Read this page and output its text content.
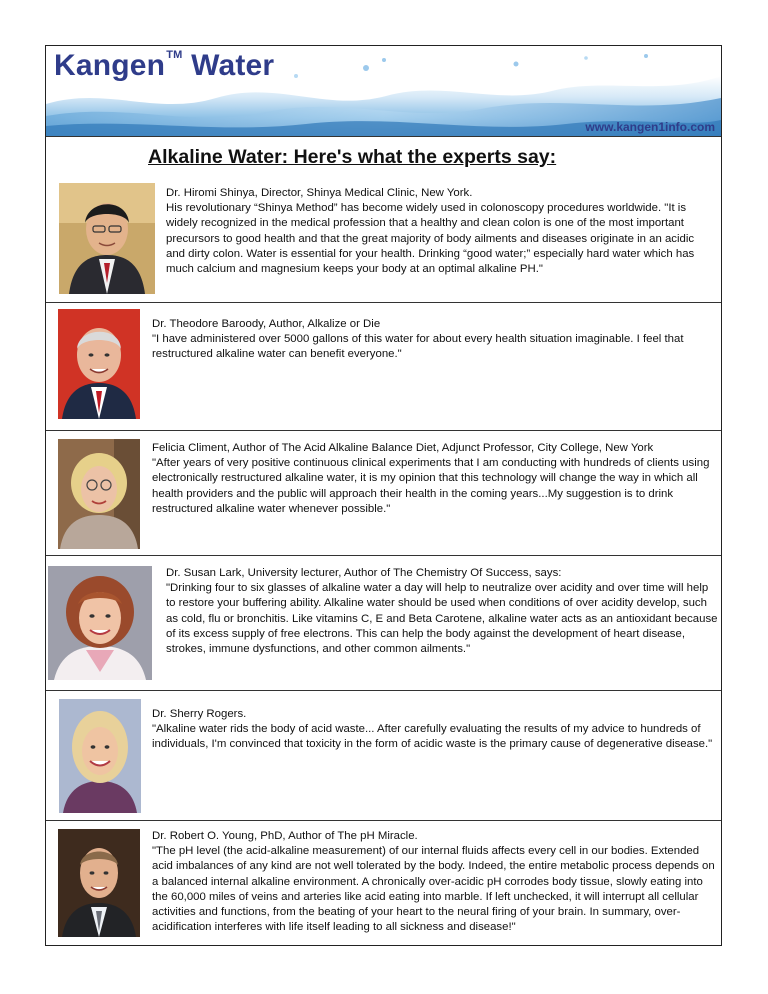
Kangen™ Water
www.kangen1info.com
Alkaline Water: Here's what the experts say:

Dr. Hiromi Shinya, Director, Shinya Medical Clinic, New York.

His revolutionary “Shinya Method” has become widely used in colonoscopy procedures worldwide. "It is widely recognized in the medical profession that a healthy and clean colon is one of the most important precursors to good health and that the great majority of body ailments and diseases originate in an acidic and dirty colon. Water is essential for your health. Drinking “good water;” especially hard water which has much calcium and magnesium keeps your body at an optimal alkaline PH."

Dr. Theodore Baroody, Author, Alkalize or Die

"I have administered over 5000 gallons of this water for about every health situation imaginable. I feel that restructured alkaline water can benefit everyone."

Felicia Climent, Author of The Acid Alkaline Balance Diet, Adjunct Professor, City College, New York

"After years of very positive continuous clinical experiments that I am conducting with hundreds of clients using electronically restructured alkaline water, it is my opinion that this technology will change the way in which all health providers and the public will approach their health in the coming years...My suggestion is to drink restructured alkaline water whenever possible."

Dr. Susan Lark, University lecturer, Author of The Chemistry Of Success, says:

"Drinking four to six glasses of alkaline water a day will help to neutralize over acidity and over time will help to restore your buffering ability. Alkaline water should be used when conditions of over acidity develop, such as cold, flu or bronchitis. Like vitamins C, E and Beta Carotene, alkaline water acts as an antioxidant because of its excess supply of free electrons. This can help the body against the development of heart disease, strokes, immune dysfunctions, and other common ailments."

Dr. Sherry Rogers.

"Alkaline water rids the body of acid waste... After carefully evaluating the results of my advice to hundreds of individuals, I'm convinced that toxicity in the form of acidic waste is the primary cause of degenerative disease."

Dr. Robert O. Young, PhD, Author of The pH Miracle.

"The pH level (the acid-alkaline measurement) of our internal fluids affects every cell in our bodies. Extended acid imbalances of any kind are not well tolerated by the body. Indeed, the entire metabolic process depends on a balanced internal alkaline environment. A chronically over-acidic pH corrodes body tissue, slowly eating into the 60,000 miles of veins and arteries like acid eating into marble. If left unchecked, it will interrupt all cellular activities and functions, from the beating of your heart to the neural firing of your brain. In summary, over-acidification interferes with life itself leading to all sickness and disease!"
